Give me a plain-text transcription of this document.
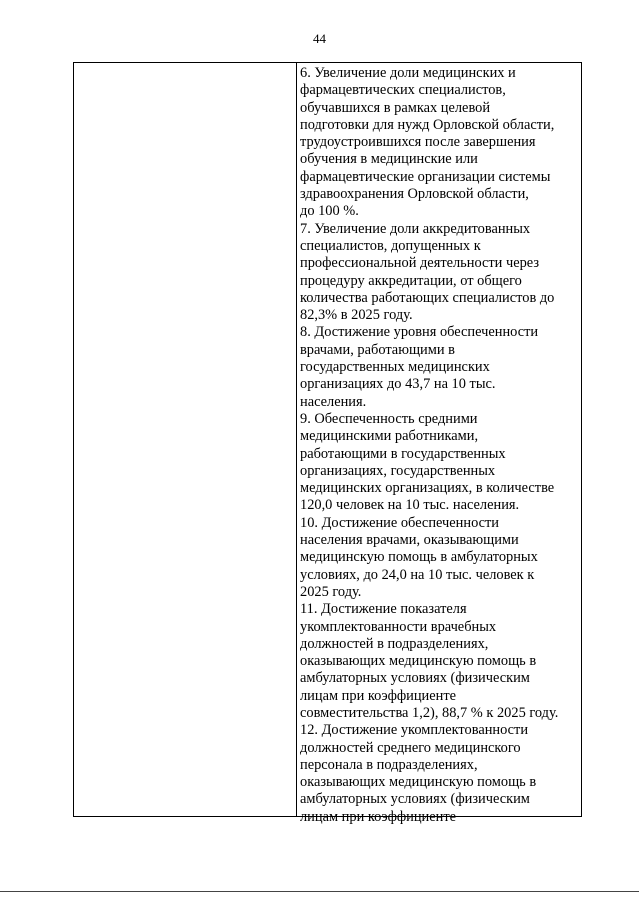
44
6. Увеличение доли медицинских и
фармацевтических специалистов,
обучавшихся в рамках целевой
подготовки для нужд Орловской области,
трудоустроившихся после завершения
обучения в медицинские или
фармацевтические организации системы
здравоохранения Орловской области,
до 100 %.
7. Увеличение доли аккредитованных
специалистов, допущенных к
профессиональной деятельности через
процедуру аккредитации, от общего
количества работающих специалистов до
82,3% в 2025 году.
8. Достижение уровня обеспеченности
врачами, работающими в
государственных медицинских
организациях до 43,7 на 10 тыс.
населения.
9. Обеспеченность средними
медицинскими работниками,
работающими в государственных
организациях, государственных
медицинских организациях, в количестве
120,0 человек на 10 тыс. населения.
10. Достижение обеспеченности
населения врачами, оказывающими
медицинскую помощь в амбулаторных
условиях, до 24,0 на 10 тыс. человек к
2025 году.
11. Достижение показателя
укомплектованности врачебных
должностей в подразделениях,
оказывающих медицинскую помощь в
амбулаторных условиях (физическим
лицам при коэффициенте
совместительства 1,2), 88,7 % к 2025 году.
12. Достижение укомплектованности
должностей среднего медицинского
персонала в подразделениях,
оказывающих медицинскую помощь в
амбулаторных условиях (физическим
лицам при коэффициенте
